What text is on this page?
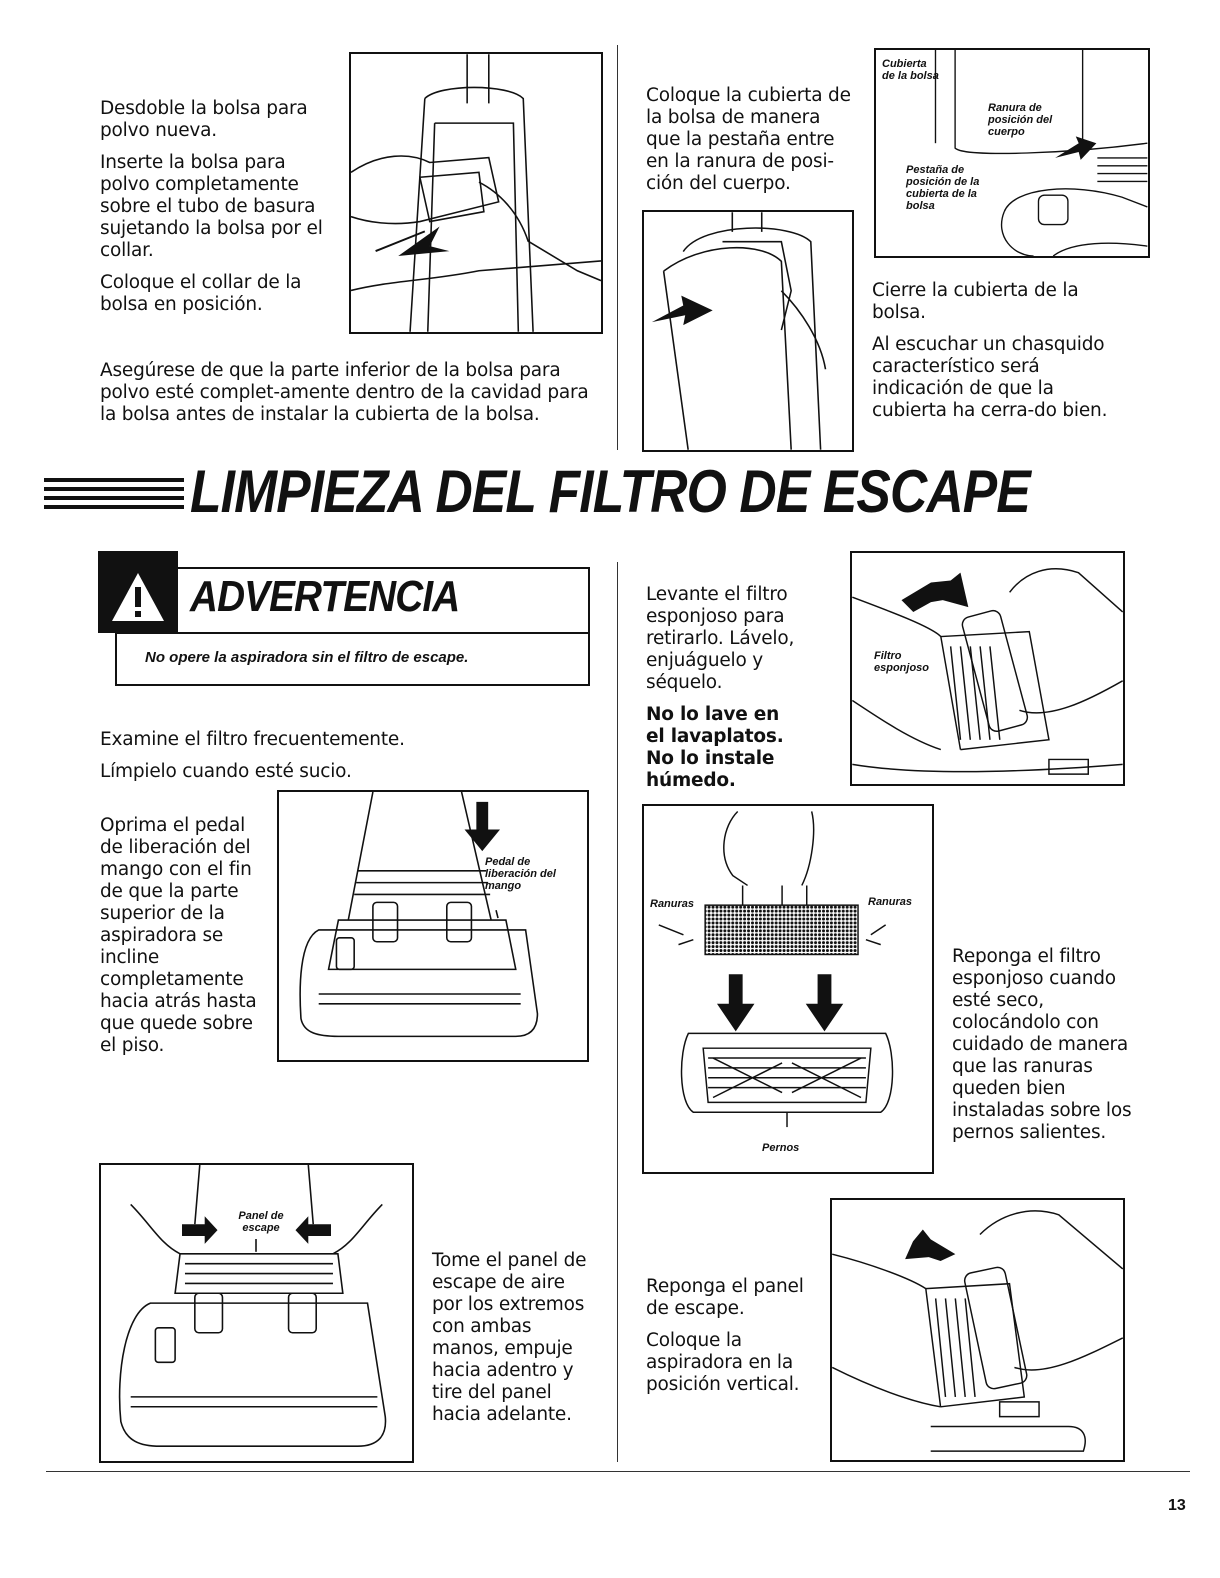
Desdoble la bolsa para polvo nueva.

Inserte la bolsa para polvo completamente sobre el tubo de basura sujetando la bolsa por el collar.

Coloque el collar de la bolsa en posición.

Asegúrese de que la parte inferior de la bolsa para polvo esté complet-amente dentro de la cavidad para la bolsa antes de instalar la cubierta de la bolsa.
Coloque la cubierta de la bolsa de manera que la pestaña entre en la ranura de posi-ción del cuerpo.
Cubierta de la bolsa
Ranura de posición del cuerpo
Pestaña de posición de la cubierta de la bolsa

Cierre la cubierta de la bolsa.

Al escuchar un chasquido característico será indicación de que la cubierta ha cerra-do bien.

LIMPIEZA DEL FILTRO DE ESCAPE
ADVERTENCIA
No opere la aspiradora sin el filtro de escape.

Examine el filtro frecuentemente.

Límpielo cuando esté sucio.

Oprima el pedal de liberación del mango con el fin de que la parte superior de la aspiradora se incline completamente hacia atrás hasta que quede sobre el piso.
Pedal de liberación del mango
Panel de escape
Tome el panel de escape de aire por los extremos con ambas manos, empuje hacia adentro y tire del panel hacia adelante.

Levante el filtro esponjoso para retirarlo. Lávelo, enjuáguelo y séquelo.

No lo lave en el lavaplatos. No lo instale húmedo.

Filtro esponjoso
Ranuras	Ranuras
Pernos
Reponga el filtro esponjoso cuando esté seco, colocándolo con cuidado de manera que las ranuras queden bien instaladas sobre los pernos salientes.

Reponga el panel de escape.

Coloque la aspiradora en la posición vertical.

13
